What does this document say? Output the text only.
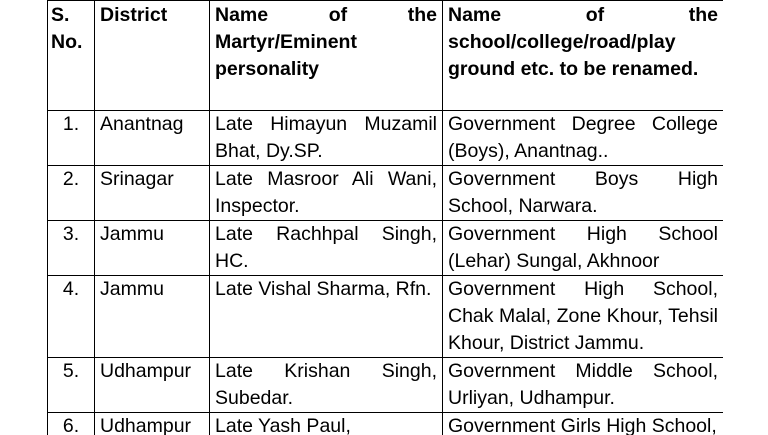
S. No.	District	Name of the Martyr/Eminent personality	Name of the school/college/road/play ground etc. to be renamed.
1.	Anantnag	Late Himayun Muzamil Bhat, Dy.SP.	Government Degree College (Boys), Anantnag..
2.	Srinagar	Late Masroor Ali Wani, Inspector.	Government Boys High School, Narwara.
3.	Jammu	Late Rachhpal Singh, HC.	Government High School (Lehar) Sungal, Akhnoor
4.	Jammu	Late Vishal Sharma, Rfn.	Government High School, Chak Malal, Zone Khour, Tehsil Khour, District Jammu.
5.	Udhampur	Late Krishan Singh, Subedar.	Government Middle School, Urliyan, Udhampur.
6.	Udhampur	Late Yash Paul,	Government Girls High School,
